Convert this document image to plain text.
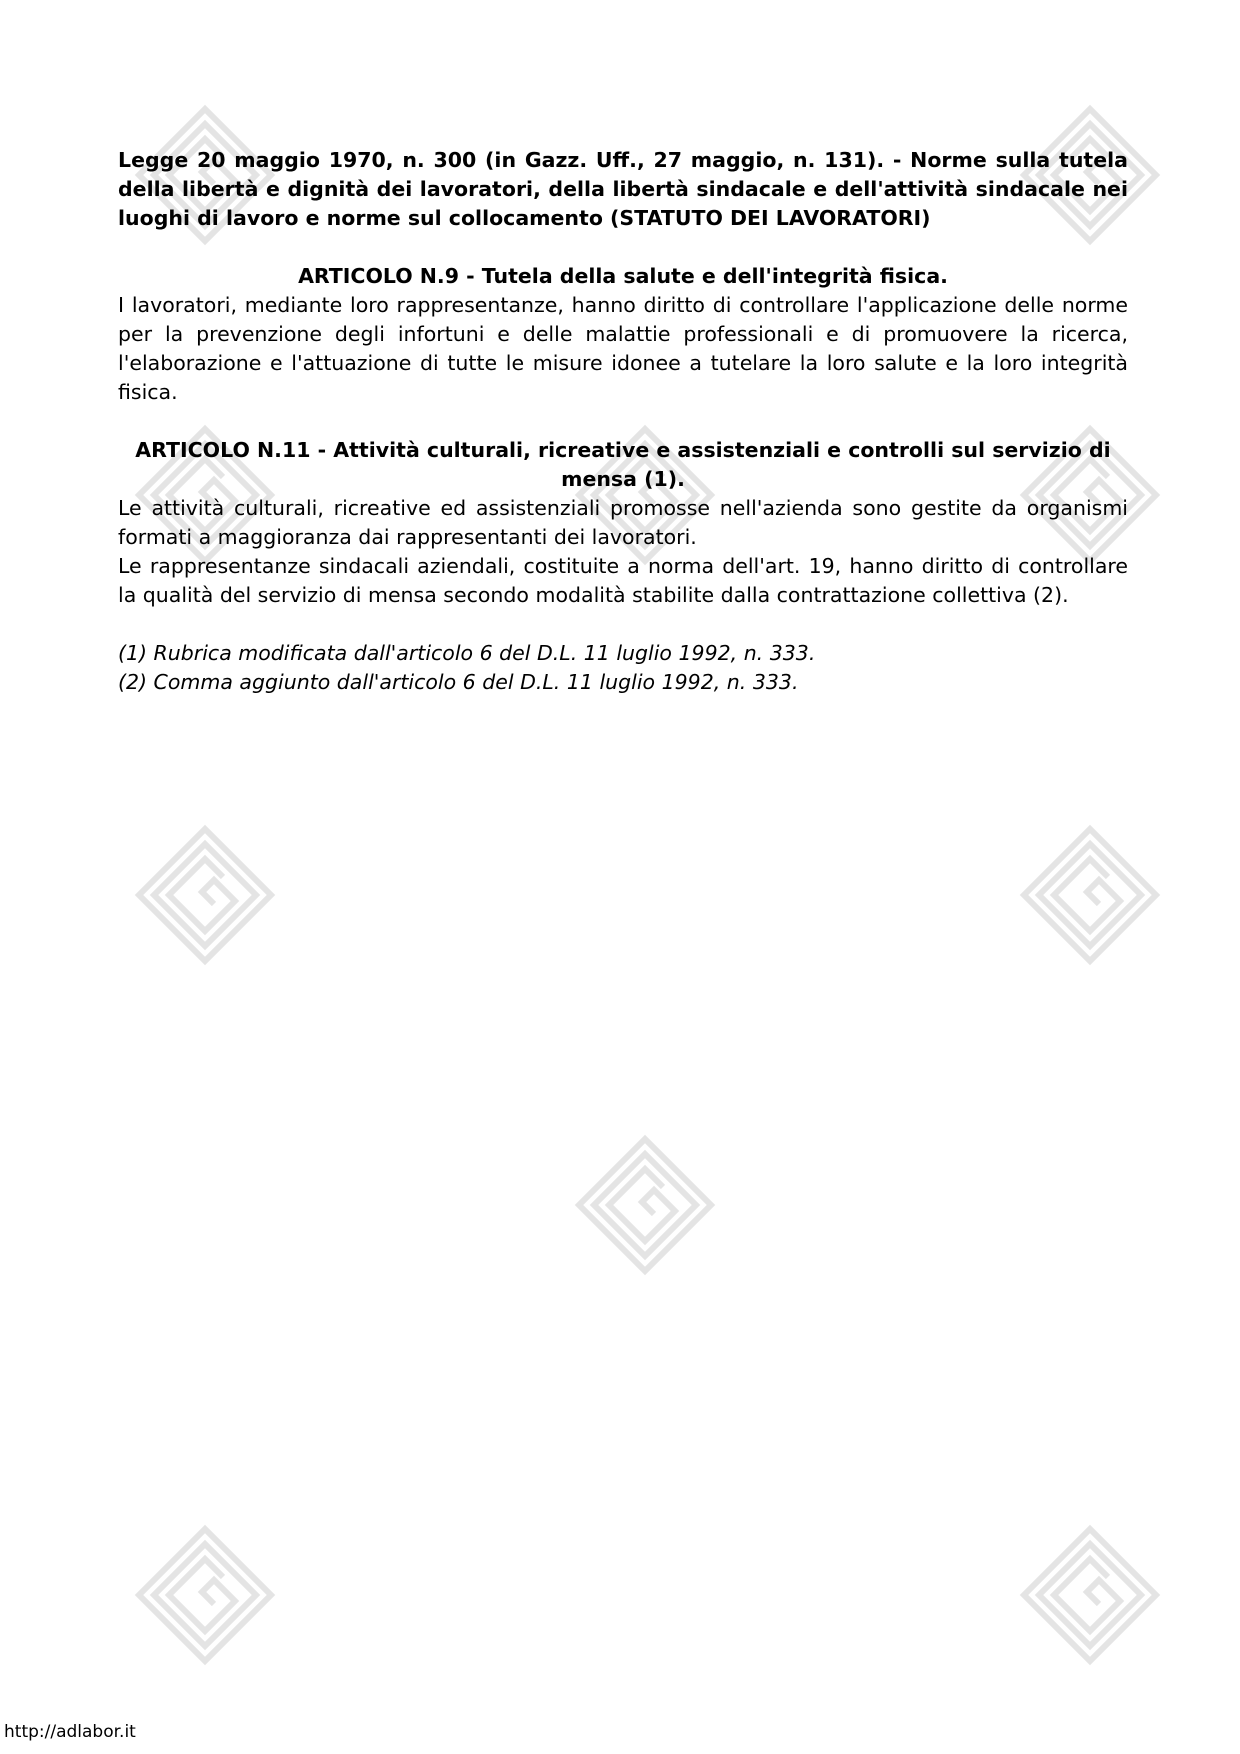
Legge 20 maggio 1970, n. 300 (in Gazz. Uff., 27 maggio, n. 131). - Norme sulla tutela della libertà e dignità dei lavoratori, della libertà sindacale e dell'attività sindacale nei luoghi di lavoro e norme sul collocamento (STATUTO DEI LAVORATORI)

ARTICOLO N.9 - Tutela della salute e dell'integrità fisica.

I lavoratori, mediante loro rappresentanze, hanno diritto di controllare l'applicazione delle norme per la prevenzione degli infortuni e delle malattie professionali e di promuovere la ricerca, l'elaborazione e l'attuazione di tutte le misure idonee a tutelare la loro salute e la loro integrità fisica.

ARTICOLO N.11 - Attività culturali, ricreative e assistenziali e controlli sul servizio di mensa (1).

Le attività culturali, ricreative ed assistenziali promosse nell'azienda sono gestite da organismi formati a maggioranza dai rappresentanti dei lavoratori.

Le rappresentanze sindacali aziendali, costituite a norma dell'art. 19, hanno diritto di controllare la qualità del servizio di mensa secondo modalità stabilite dalla contrattazione collettiva (2).

(1) Rubrica modificata dall'articolo 6 del D.L. 11 luglio 1992, n. 333.

(2) Comma aggiunto dall'articolo 6 del D.L. 11 luglio 1992, n. 333.

http://adlabor.it
